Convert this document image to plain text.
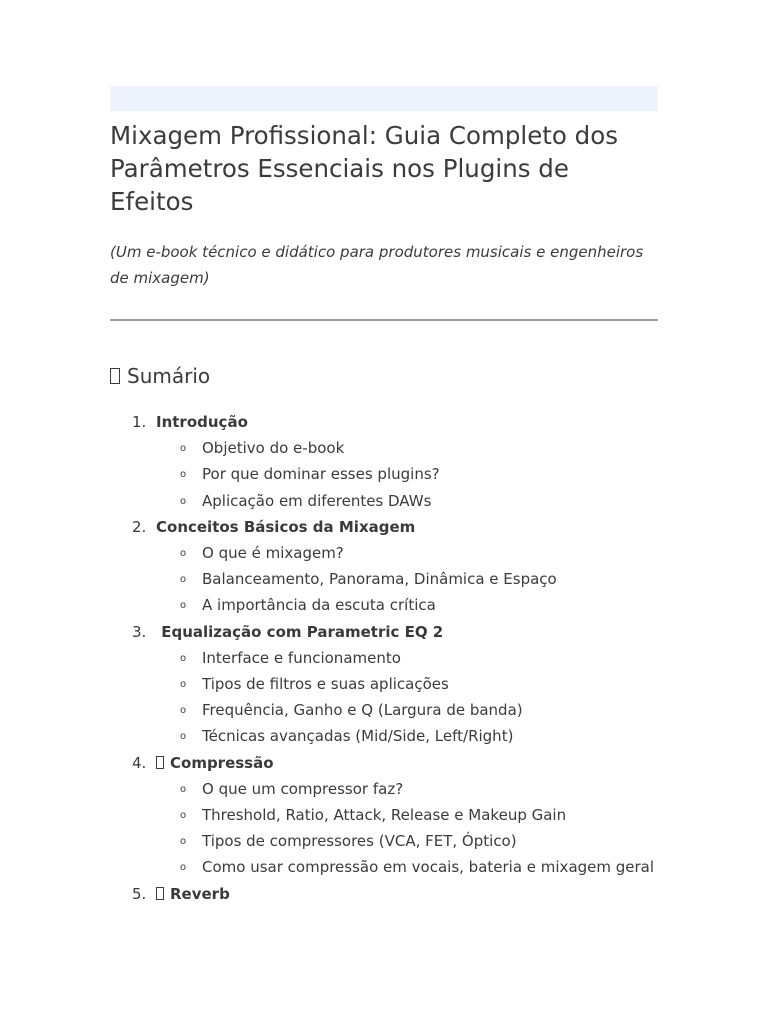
Mixagem Profissional: Guia Completo dos Parâmetros Essenciais nos Plugins de Efeitos

(Um e-book técnico e didático para produtores musicais e engenheiros de mixagem)

Sumário
1. Introdução
o Objetivo do e-book
o Por que dominar esses plugins?
o Aplicação em diferentes DAWs
2. Conceitos Básicos da Mixagem
o O que é mixagem?
o Balanceamento, Panorama, Dinâmica e Espaço
o A importância da escuta crítica
3. Equalização com Parametric EQ 2
o Interface e funcionamento
o Tipos de filtros e suas aplicações
o Frequência, Ganho e Q (Largura de banda)
o Técnicas avançadas (Mid/Side, Left/Right)
4. Compressão
o O que um compressor faz?
o Threshold, Ratio, Attack, Release e Makeup Gain
o Tipos de compressores (VCA, FET, Óptico)
o Como usar compressão em vocais, bateria e mixagem geral
5. Reverb
